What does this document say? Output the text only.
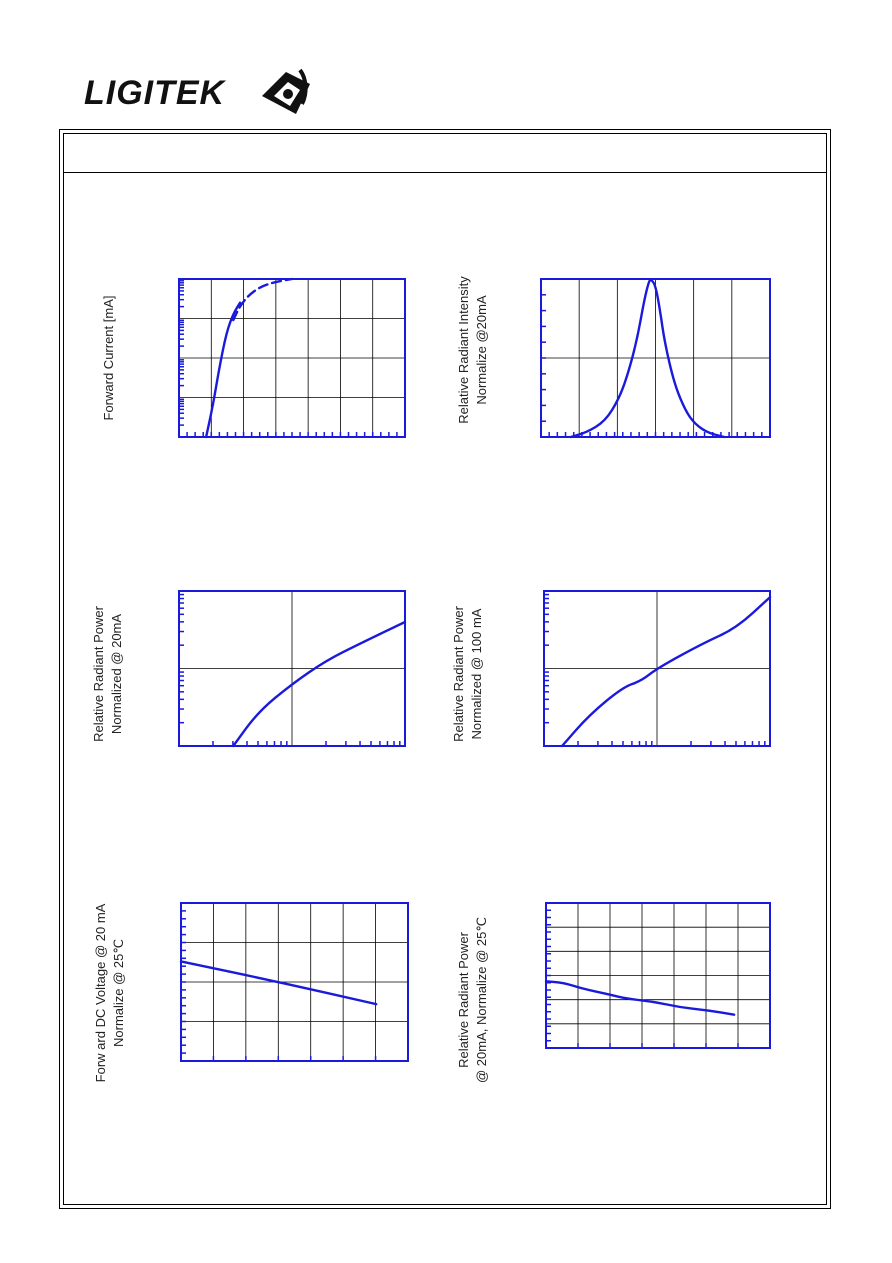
LIGITEK
Forward Current [mA]	Relative Radiant Intensity Normalize @20mA
Relative Radiant Power Normalized @ 20mA	Relative Radiant Power Normalized @ 100 mA
Forw ard DC Voltage @ 20 mA Normalize @ 25℃	Relative Radiant Power @ 20mA, Normalize @ 25℃
